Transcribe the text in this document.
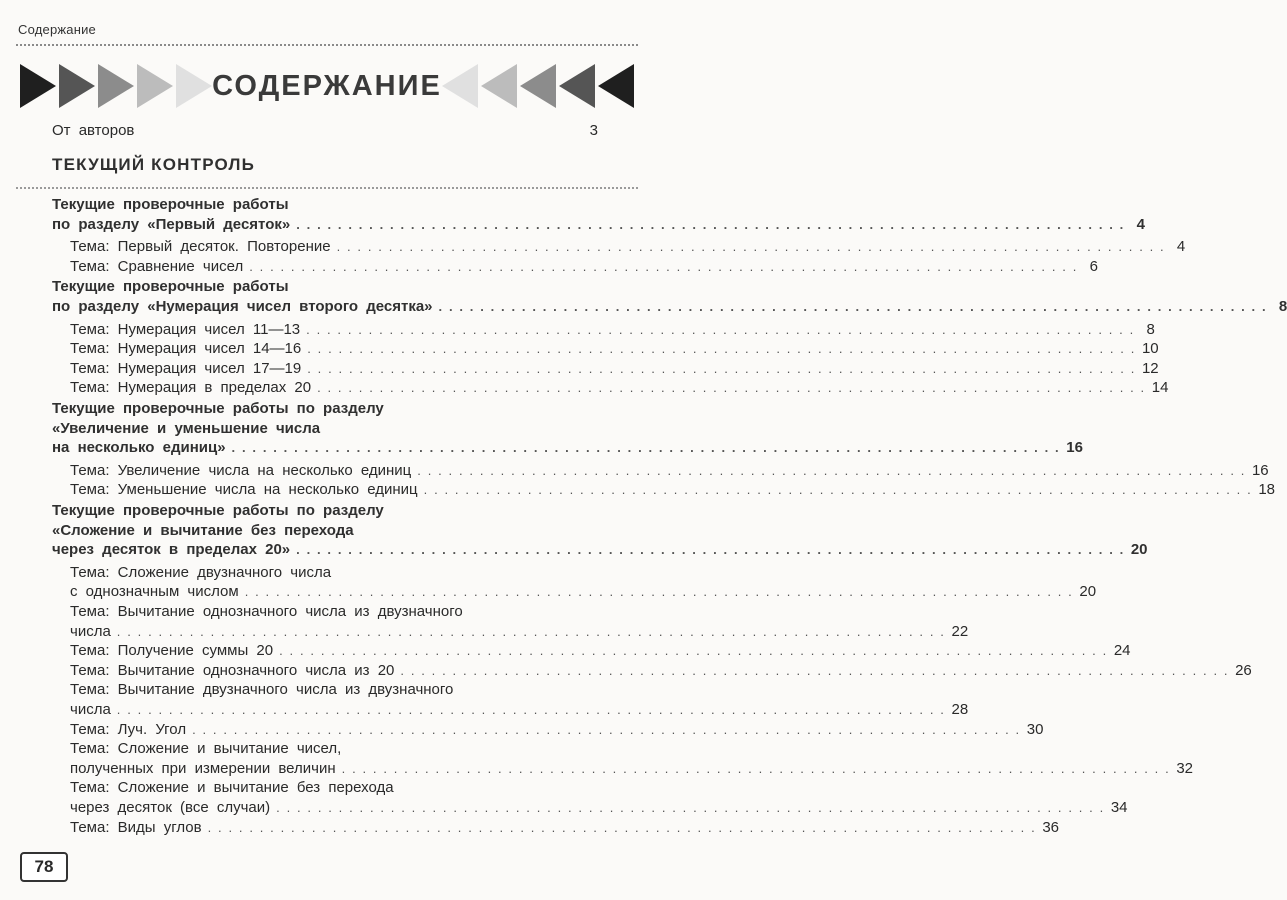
Содержание
СОДЕРЖАНИЕ
От авторов	3
ТЕКУЩИЙ КОНТРОЛЬ
Текущие проверочные работы
по разделу «Первый десяток» . . . . . . . . . . . . . . . . . . . . . . . . . . . . . . . . . . . . . . . . . . . . . . . . . . . . . . . . . . . . . . . . . . . . . . . . . . . . . . . . 4
Тема: Первый десяток. Повторение . . . . . . . . . . . . . . . . . . . . . . . . . . . . . . . . . . . . . . . . . . . . . . . . . . . . . . . . . . . . . . . . . . . . . . . . . . . . . . . . 4
Тема: Сравнение чисел . . . . . . . . . . . . . . . . . . . . . . . . . . . . . . . . . . . . . . . . . . . . . . . . . . . . . . . . . . . . . . . . . . . . . . . . . . . . . . . . 6
Текущие проверочные работы
по разделу «Нумерация чисел второго десятка» . . . . . . . . . . . . . . . . . . . . . . . . . . . . . . . . . . . . . . . . . . . . . . . . . . . . . . . . . . . . . . . . . . . . . . . . . . . . . . . . 8
Тема: Нумерация чисел 11—13 . . . . . . . . . . . . . . . . . . . . . . . . . . . . . . . . . . . . . . . . . . . . . . . . . . . . . . . . . . . . . . . . . . . . . . . . . . . . . . . . 8
Тема: Нумерация чисел 14—16 . . . . . . . . . . . . . . . . . . . . . . . . . . . . . . . . . . . . . . . . . . . . . . . . . . . . . . . . . . . . . . . . . . . . . . . . . . . . . . . . 10
Тема: Нумерация чисел 17—19 . . . . . . . . . . . . . . . . . . . . . . . . . . . . . . . . . . . . . . . . . . . . . . . . . . . . . . . . . . . . . . . . . . . . . . . . . . . . . . . . 12
Тема: Нумерация в пределах 20 . . . . . . . . . . . . . . . . . . . . . . . . . . . . . . . . . . . . . . . . . . . . . . . . . . . . . . . . . . . . . . . . . . . . . . . . . . . . . . . . 14
Текущие проверочные работы по разделу
«Увеличение и уменьшение числа
на несколько единиц» . . . . . . . . . . . . . . . . . . . . . . . . . . . . . . . . . . . . . . . . . . . . . . . . . . . . . . . . . . . . . . . . . . . . . . . . . . . . . . . . 16
Тема: Увеличение числа на несколько единиц . . . . . . . . . . . . . . . . . . . . . . . . . . . . . . . . . . . . . . . . . . . . . . . . . . . . . . . . . . . . . . . . . . . . . . . . . . . . . . . . 16
Тема: Уменьшение числа на несколько единиц . . . . . . . . . . . . . . . . . . . . . . . . . . . . . . . . . . . . . . . . . . . . . . . . . . . . . . . . . . . . . . . . . . . . . . . . . . . . . . . . 18
Текущие проверочные работы по разделу
«Сложение и вычитание без перехода
через десяток в пределах 20» . . . . . . . . . . . . . . . . . . . . . . . . . . . . . . . . . . . . . . . . . . . . . . . . . . . . . . . . . . . . . . . . . . . . . . . . . . . . . . . . 20
Тема: Сложение двузначного числа
с однозначным числом . . . . . . . . . . . . . . . . . . . . . . . . . . . . . . . . . . . . . . . . . . . . . . . . . . . . . . . . . . . . . . . . . . . . . . . . . . . . . . . . 20
Тема: Вычитание однозначного числа из двузначного
числа . . . . . . . . . . . . . . . . . . . . . . . . . . . . . . . . . . . . . . . . . . . . . . . . . . . . . . . . . . . . . . . . . . . . . . . . . . . . . . . . 22
Тема: Получение суммы 20 . . . . . . . . . . . . . . . . . . . . . . . . . . . . . . . . . . . . . . . . . . . . . . . . . . . . . . . . . . . . . . . . . . . . . . . . . . . . . . . . 24
Тема: Вычитание однозначного числа из 20 . . . . . . . . . . . . . . . . . . . . . . . . . . . . . . . . . . . . . . . . . . . . . . . . . . . . . . . . . . . . . . . . . . . . . . . . . . . . . . . . 26
Тема: Вычитание двузначного числа из двузначного
числа . . . . . . . . . . . . . . . . . . . . . . . . . . . . . . . . . . . . . . . . . . . . . . . . . . . . . . . . . . . . . . . . . . . . . . . . . . . . . . . . 28
Тема: Луч. Угол . . . . . . . . . . . . . . . . . . . . . . . . . . . . . . . . . . . . . . . . . . . . . . . . . . . . . . . . . . . . . . . . . . . . . . . . . . . . . . . . 30
Тема: Сложение и вычитание чисел,
полученных при измерении величин . . . . . . . . . . . . . . . . . . . . . . . . . . . . . . . . . . . . . . . . . . . . . . . . . . . . . . . . . . . . . . . . . . . . . . . . . . . . . . . . 32
Тема: Сложение и вычитание без перехода
через десяток (все случаи) . . . . . . . . . . . . . . . . . . . . . . . . . . . . . . . . . . . . . . . . . . . . . . . . . . . . . . . . . . . . . . . . . . . . . . . . . . . . . . . . 34
Тема: Виды углов . . . . . . . . . . . . . . . . . . . . . . . . . . . . . . . . . . . . . . . . . . . . . . . . . . . . . . . . . . . . . . . . . . . . . . . . . . . . . . . . 36
78
